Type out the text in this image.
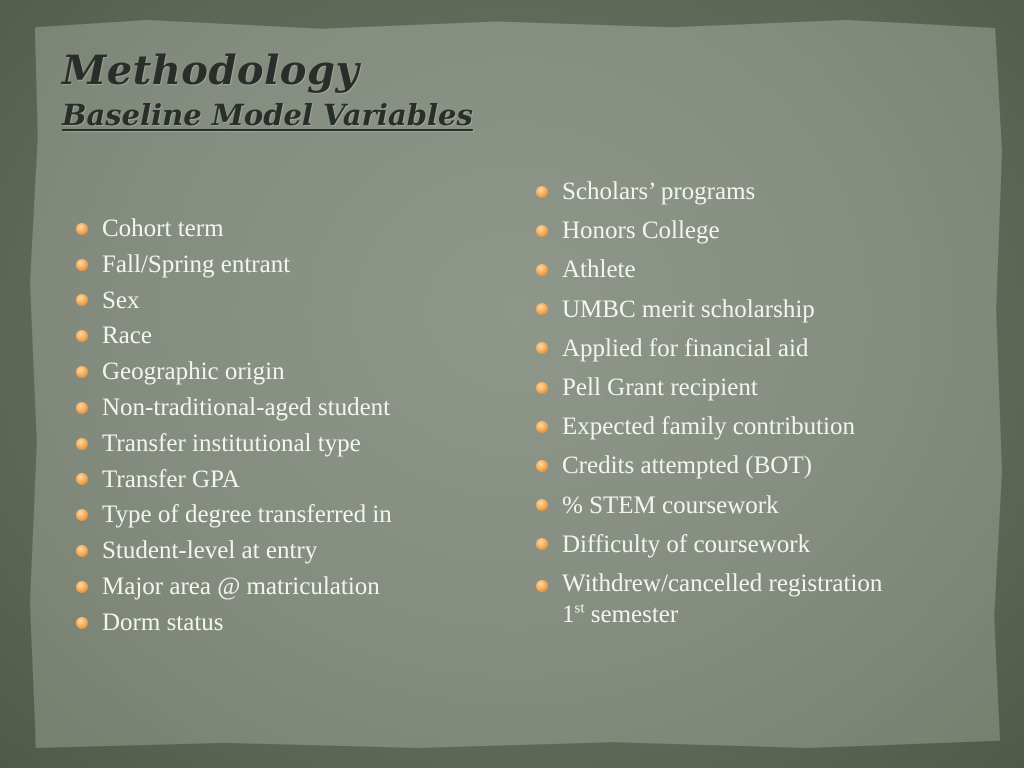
Methodology
Baseline Model Variables
Cohort term
Fall/Spring entrant
Sex
Race
Geographic origin
Non-traditional-aged student
Transfer institutional type
Transfer GPA
Type of degree transferred in
Student-level at entry
Major area @ matriculation
Dorm status
Scholars’ programs
Honors College
Athlete
UMBC merit scholarship
Applied for financial aid
Pell Grant recipient
Expected family contribution
Credits attempted (BOT)
% STEM coursework
Difficulty of coursework
Withdrew/cancelled registration
1st semester
